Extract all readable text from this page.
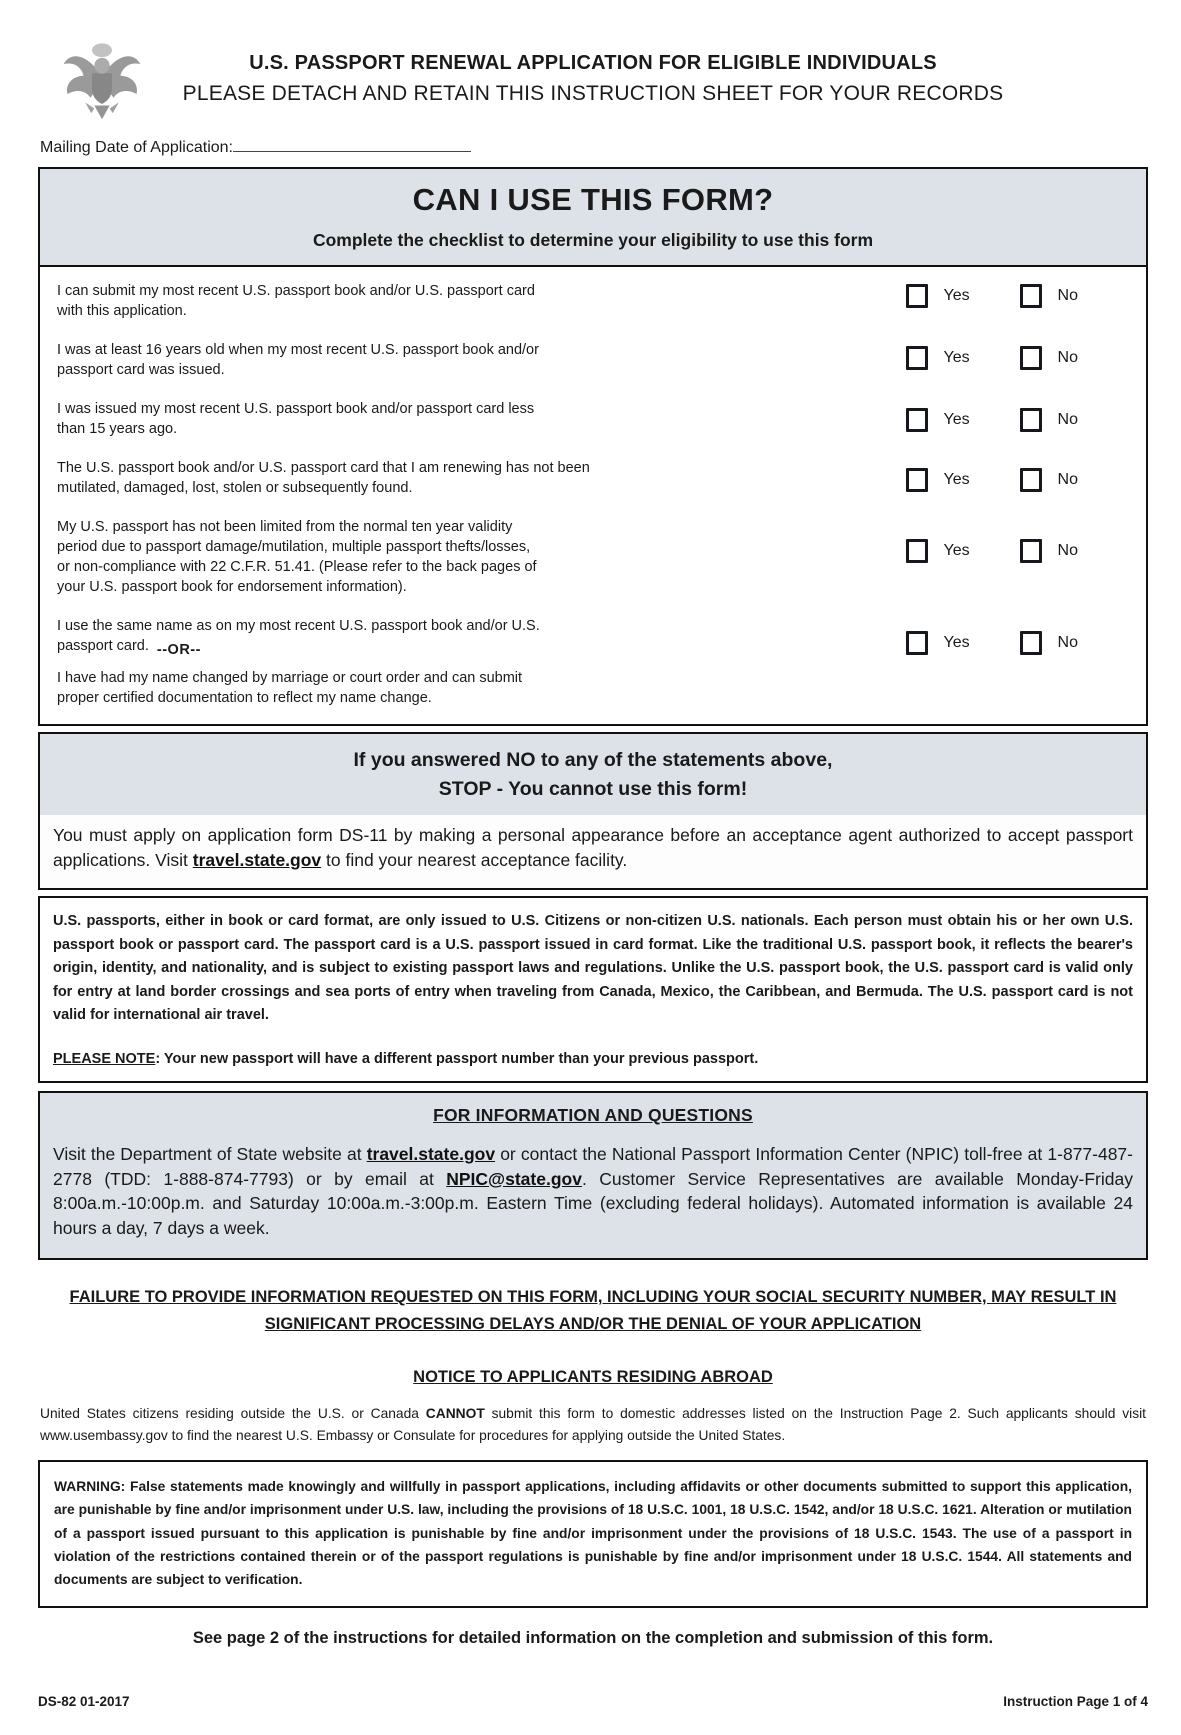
U.S. PASSPORT RENEWAL APPLICATION FOR ELIGIBLE INDIVIDUALS
PLEASE DETACH AND RETAIN THIS INSTRUCTION SHEET FOR YOUR RECORDS
Mailing Date of Application:
CAN I USE THIS FORM?
Complete the checklist to determine your eligibility to use this form
I can submit my most recent U.S. passport book and/or U.S. passport card with this application.
Yes	No
I was at least 16 years old when my most recent U.S. passport book and/or passport card was issued.
Yes	No
I was issued my most recent U.S. passport book and/or passport card less than 15 years ago.
Yes	No
The U.S. passport book and/or U.S. passport card that I am renewing has not been mutilated, damaged, lost, stolen or subsequently found.	Yes	No
My U.S. passport has not been limited from the normal ten year validity period due to passport damage/mutilation, multiple passport thefts/losses, or non-compliance with 22 C.F.R. 51.41. (Please refer to the back pages of your U.S. passport book for endorsement information).
Yes	No

I use the same name as on my most recent U.S. passport book and/or U.S. passport card. --OR--

I have had my name changed by marriage or court order and can submit proper certified documentation to reflect my name change.

Yes	No
If you answered NO to any of the statements above,
STOP - You cannot use this form!
You must apply on application form DS-11 by making a personal appearance before an acceptance agent authorized to accept passport applications. Visit travel.state.gov to find your nearest acceptance facility.
U.S. passports, either in book or card format, are only issued to U.S. Citizens or non-citizen U.S. nationals. Each person must obtain his or her own U.S. passport book or passport card. The passport card is a U.S. passport issued in card format. Like the traditional U.S. passport book, it reflects the bearer's origin, identity, and nationality, and is subject to existing passport laws and regulations. Unlike the U.S. passport book, the U.S. passport card is valid only for entry at land border crossings and sea ports of entry when traveling from Canada, Mexico, the Caribbean, and Bermuda. The U.S. passport card is not valid for international air travel.
PLEASE NOTE: Your new passport will have a different passport number than your previous passport.
FOR INFORMATION AND QUESTIONS
Visit the Department of State website at travel.state.gov or contact the National Passport Information Center (NPIC) toll-free at 1-877-487-2778 (TDD: 1-888-874-7793) or by email at NPIC@state.gov. Customer Service Representatives are available Monday-Friday 8:00a.m.-10:00p.m. and Saturday 10:00a.m.-3:00p.m. Eastern Time (excluding federal holidays). Automated information is available 24 hours a day, 7 days a week.
FAILURE TO PROVIDE INFORMATION REQUESTED ON THIS FORM, INCLUDING YOUR SOCIAL SECURITY NUMBER, MAY RESULT IN SIGNIFICANT PROCESSING DELAYS AND/OR THE DENIAL OF YOUR APPLICATION
NOTICE TO APPLICANTS RESIDING ABROAD
United States citizens residing outside the U.S. or Canada CANNOT submit this form to domestic addresses listed on the Instruction Page 2. Such applicants should visit www.usembassy.gov to find the nearest U.S. Embassy or Consulate for procedures for applying outside the United States.
WARNING: False statements made knowingly and willfully in passport applications, including affidavits or other documents submitted to support this application, are punishable by fine and/or imprisonment under U.S. law, including the provisions of 18 U.S.C. 1001, 18 U.S.C. 1542, and/or 18 U.S.C. 1621. Alteration or mutilation of a passport issued pursuant to this application is punishable by fine and/or imprisonment under the provisions of 18 U.S.C. 1543. The use of a passport in violation of the restrictions contained therein or of the passport regulations is punishable by fine and/or imprisonment under 18 U.S.C. 1544. All statements and documents are subject to verification.
See page 2 of the instructions for detailed information on the completion and submission of this form.
DS-82 01-2017	Instruction Page 1 of 4
